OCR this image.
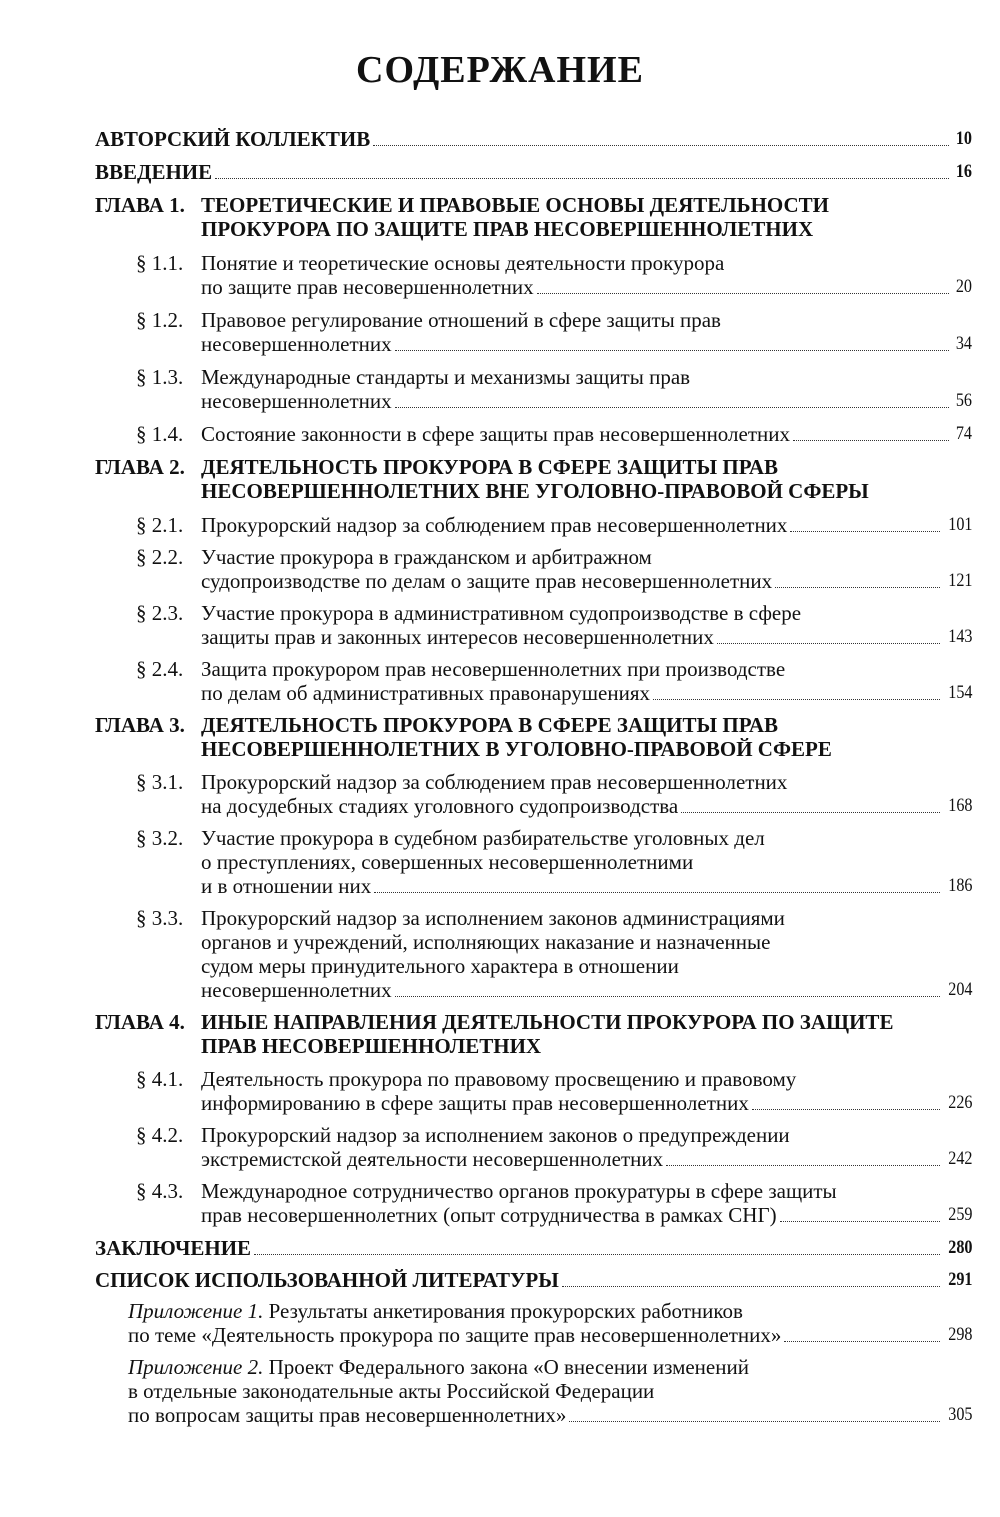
СОДЕРЖАНИЕ
АВТОРСКИЙ КОЛЛЕКТИВ	10
ВВЕДЕНИЕ	16
ГЛАВА 1. ТЕОРЕТИЧЕСКИЕ И ПРАВОВЫЕ ОСНОВЫ ДЕЯТЕЛЬНОСТИ
ПРОКУРОРА ПО ЗАЩИТЕ ПРАВ НЕСОВЕРШЕННОЛЕТНИХ
§ 1.1. Понятие и теоретические основы деятельности прокурора
по защите прав несовершеннолетних	20
§ 1.2. Правовое регулирование отношений в сфере защиты прав
несовершеннолетних	34
§ 1.3. Международные стандарты и механизмы защиты прав
несовершеннолетних	56
§ 1.4. Состояние законности в сфере защиты прав несовершеннолетних	74
ГЛАВА 2. ДЕЯТЕЛЬНОСТЬ ПРОКУРОРА В СФЕРЕ ЗАЩИТЫ ПРАВ
НЕСОВЕРШЕННОЛЕТНИХ ВНЕ УГОЛОВНО-ПРАВОВОЙ СФЕРЫ
§ 2.1. Прокурорский надзор за соблюдением прав несовершеннолетних	101
§ 2.2. Участие прокурора в гражданском и арбитражном
судопроизводстве по делам о защите прав несовершеннолетних	121
§ 2.3. Участие прокурора в административном судопроизводстве в сфере
защиты прав и законных интересов несовершеннолетних	143
§ 2.4. Защита прокурором прав несовершеннолетних при производстве
по делам об административных правонарушениях	154
ГЛАВА 3. ДЕЯТЕЛЬНОСТЬ ПРОКУРОРА В СФЕРЕ ЗАЩИТЫ ПРАВ
НЕСОВЕРШЕННОЛЕТНИХ В УГОЛОВНО-ПРАВОВОЙ СФЕРЕ
§ 3.1. Прокурорский надзор за соблюдением прав несовершеннолетних
на досудебных стадиях уголовного судопроизводства	168
§ 3.2. Участие прокурора в судебном разбирательстве уголовных дел
о преступлениях, совершенных несовершеннолетними
и в отношении них	186
§ 3.3. Прокурорский надзор за исполнением законов администрациями
органов и учреждений, исполняющих наказание и назначенные
судом меры принудительного характера в отношении
несовершеннолетних	204
ГЛАВА 4. ИНЫЕ НАПРАВЛЕНИЯ ДЕЯТЕЛЬНОСТИ ПРОКУРОРА ПО ЗАЩИТЕ
ПРАВ НЕСОВЕРШЕННОЛЕТНИХ
§ 4.1. Деятельность прокурора по правовому просвещению и правовому
информированию в сфере защиты прав несовершеннолетних	226
§ 4.2. Прокурорский надзор за исполнением законов о предупреждении
экстремистской деятельности несовершеннолетних	242
§ 4.3. Международное сотрудничество органов прокуратуры в сфере защиты
прав несовершеннолетних (опыт сотрудничества в рамках СНГ)	259
ЗАКЛЮЧЕНИЕ	280
СПИСОК ИСПОЛЬЗОВАННОЙ ЛИТЕРАТУРЫ	291
Приложение 1. Результаты анкетирования прокурорских работников
по теме «Деятельность прокурора по защите прав несовершеннолетних»	298
Приложение 2. Проект Федерального закона «О внесении изменений
в отдельные законодательные акты Российской Федерации
по вопросам защиты прав несовершеннолетних»	305
